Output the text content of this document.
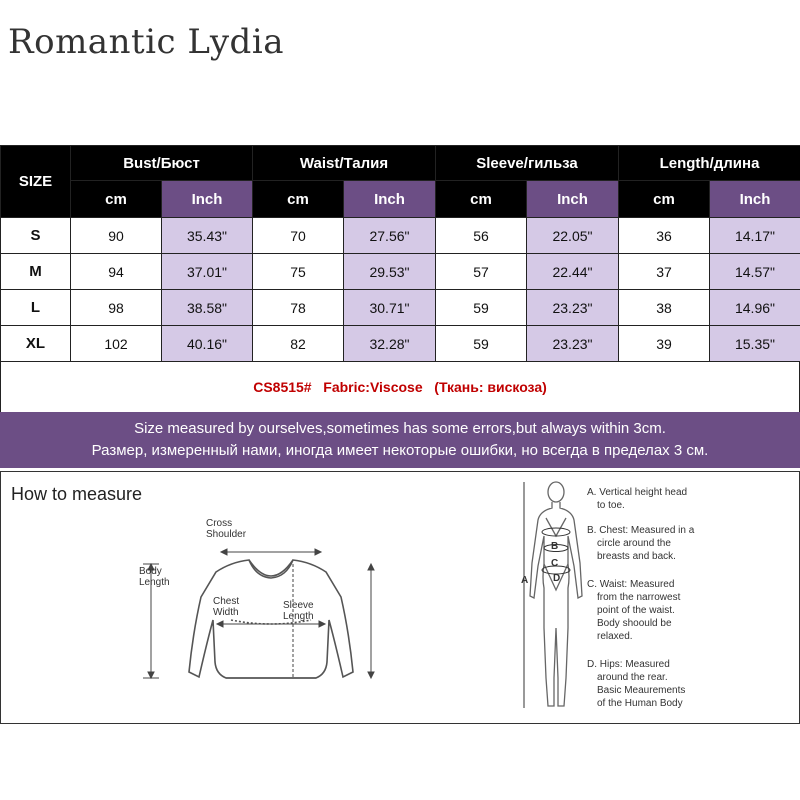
Romantic Lydia
SIZE	Bust/Бюст		Waist/Талия		Sleeve/гильза		Length/длина	
	cm	Inch	cm	Inch	cm	Inch	cm	Inch
S	90	35.43"	70	27.56"	56	22.05"	36	14.17"
M	94	37.01"	75	29.53"	57	22.44"	37	14.57"
L	98	38.58"	78	30.71"	59	23.23"	38	14.96"
XL	102	40.16"	82	32.28"	59	23.23"	39	15.35"
CS8515#   Fabric:Viscose   (Ткань: вискоза)
Size measured by ourselves,sometimes has some errors,but always within 3cm.
Размер, измеренный нами, иногда имеет некоторые ошибки, но всегда в пределах 3 см.
How to measure
Cross
Shoulder
Body
Length
Chest
Width
Sleeve
Length
B
C
D
A
A. Vertical height head
to toe.
B. Chest: Measured in a
circle around the
breasts and back.
C. Waist: Measured
from the narrowest
point of the waist.
Body shoould be
relaxed.
D. Hips: Measured
around the rear.
Basic Meaurements
of the Human Body
